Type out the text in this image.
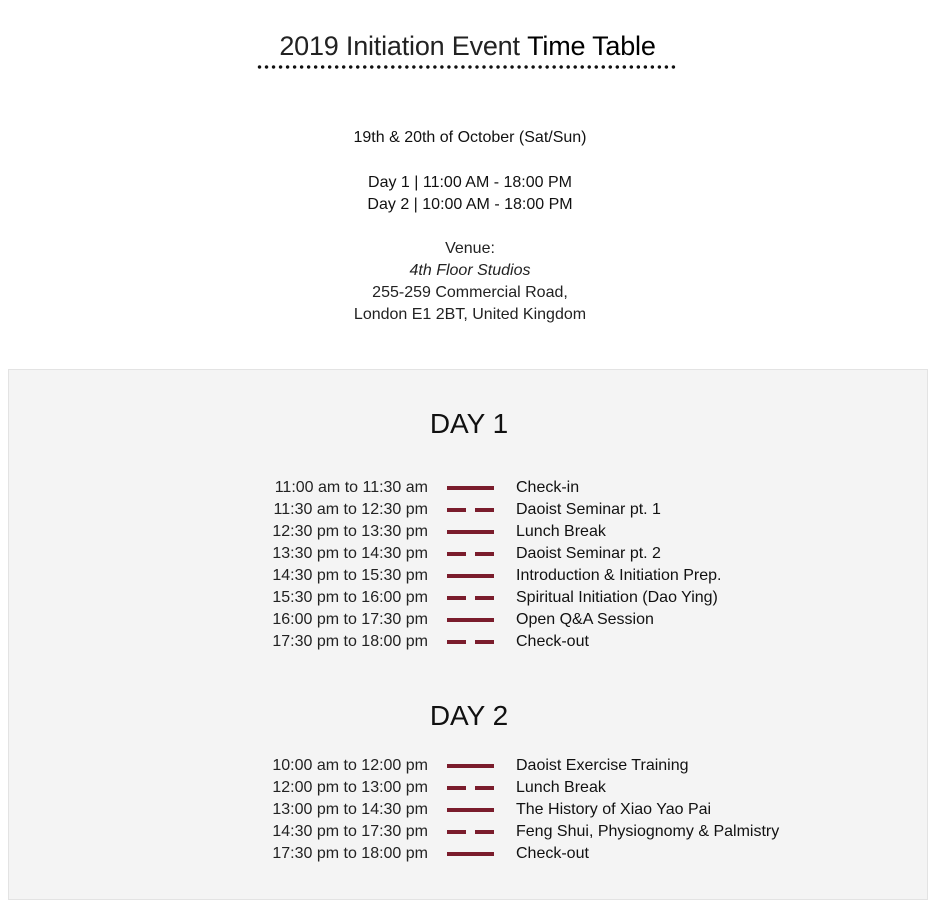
2019 Initiation Event Time Table
19th & 20th of October (Sat/Sun)
Day 1 | 11:00 AM - 18:00 PM
Day 2 | 10:00 AM - 18:00 PM
Venue:
4th Floor Studios
255-259 Commercial Road,
London E1 2BT, United Kingdom
DAY 1
11:00 am to 11:30 am	Check-in
11:30 am to 12:30 pm	Daoist Seminar pt. 1
12:30 pm to 13:30 pm	Lunch Break
13:30 pm to 14:30 pm	Daoist Seminar pt. 2
14:30 pm to 15:30 pm	Introduction & Initiation Prep.
15:30 pm to 16:00 pm	Spiritual Initiation (Dao Ying)
16:00 pm to 17:30 pm	Open Q&A Session
17:30 pm to 18:00 pm	Check-out
DAY 2
10:00 am to 12:00 pm	Daoist Exercise Training
12:00 pm to 13:00 pm	Lunch Break
13:00 pm to 14:30 pm	The History of Xiao Yao Pai
14:30 pm to 17:30 pm	Feng Shui, Physiognomy & Palmistry
17:30 pm to 18:00 pm	Check-out
